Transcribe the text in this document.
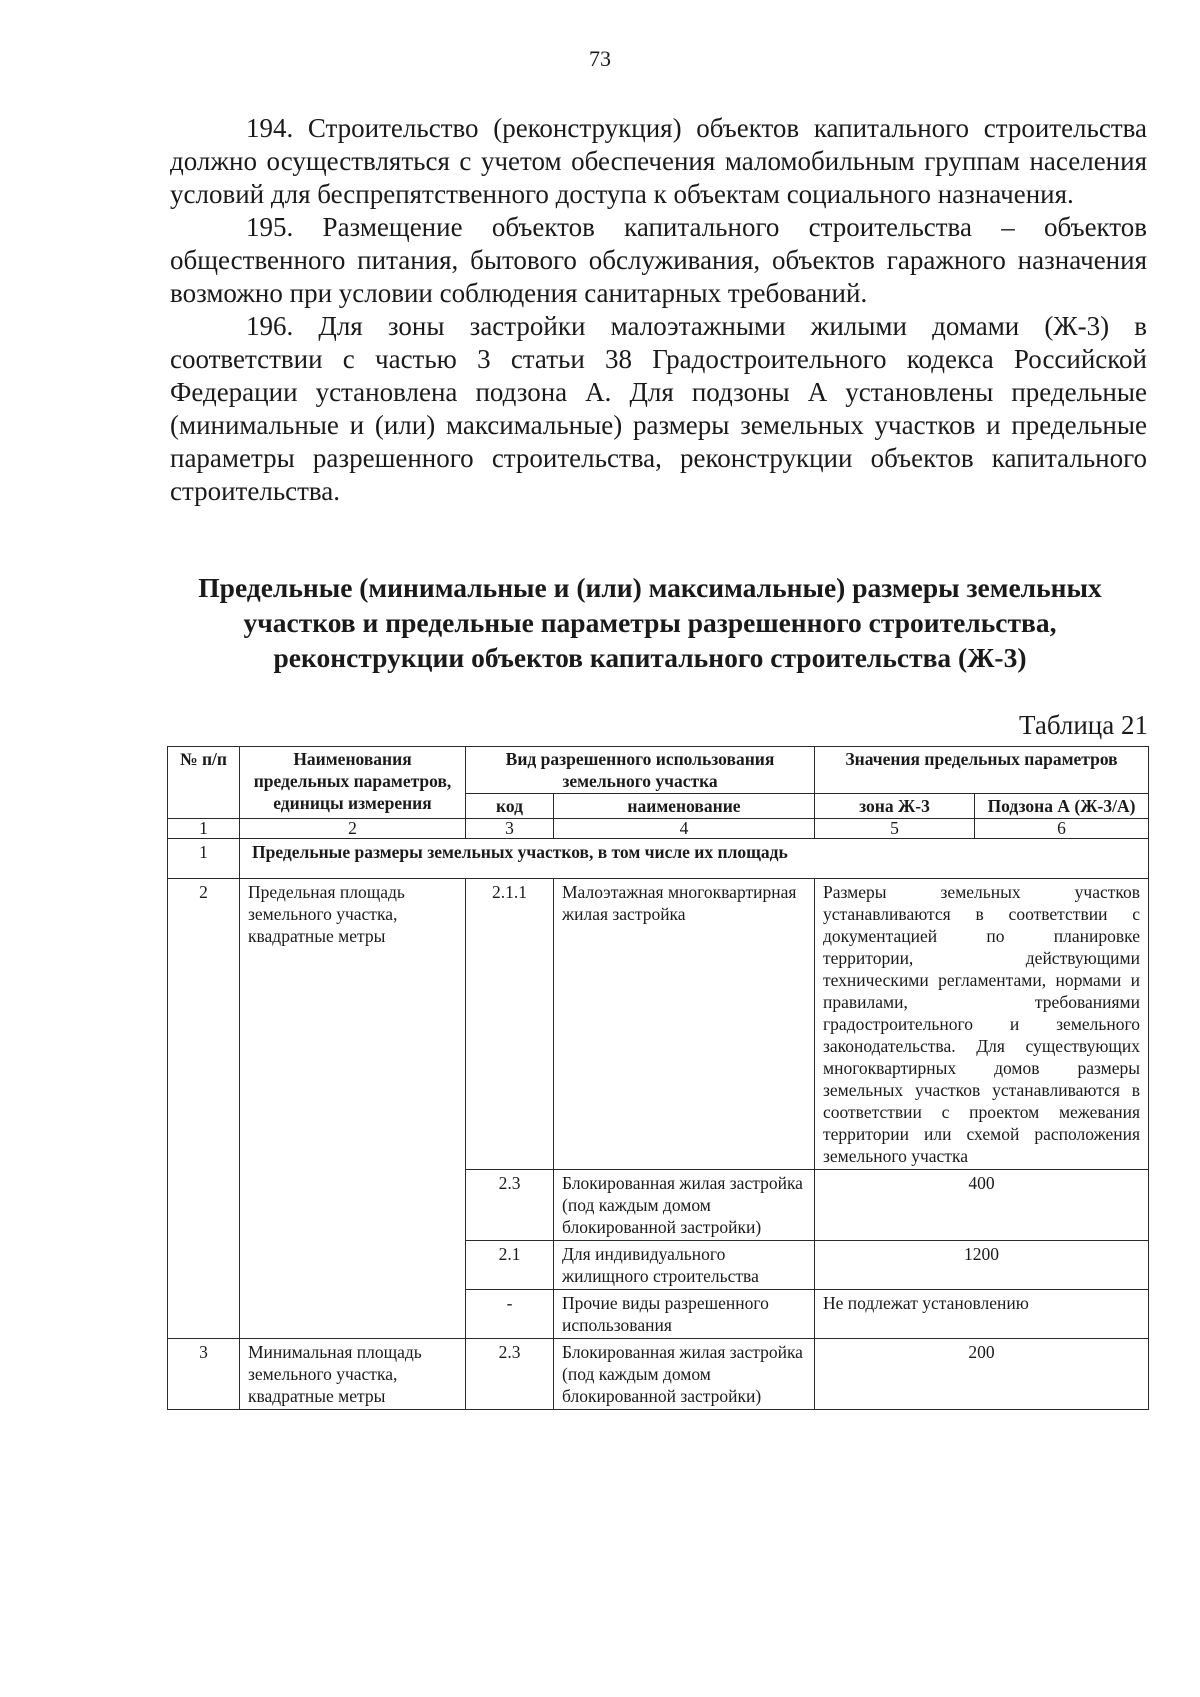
73

194. Строительство (реконструкция) объектов капитального строительства должно осуществляться с учетом обеспечения маломобильным группам населения условий для беспрепятственного доступа к объектам социального назначения.

195. Размещение объектов капитального строительства – объектов общественного питания, бытового обслуживания, объектов гаражного назначения возможно при условии соблюдения санитарных требований.

196. Для зоны застройки малоэтажными жилыми домами (Ж-3) в соответствии с частью 3 статьи 38 Градостроительного кодекса Российской Федерации установлена подзона А. Для подзоны А установлены предельные (минимальные и (или) максимальные) размеры земельных участков и предельные параметры разрешенного строительства, реконструкции объектов капитального строительства.

Предельные (минимальные и (или) максимальные) размеры земельных
участков и предельные параметры разрешенного строительства,
реконструкции объектов капитального строительства (Ж-3)
Таблица 21
№ п/п	Наименования предельных параметров, единицы измерения	Вид разрешенного использования земельного участка		Значения предельных параметров	
		код	наименование	зона Ж-3	Подзона А (Ж-3/А)
1	2	3	4	5	6
1	Предельные размеры земельных участков, в том числе их площадь				
2	Предельная площадь земельного участка, квадратные метры	2.1.1	Малоэтажная многоквартирная жилая застройка	Размеры земельных участков устанавливаются в соответствии с документацией по планировке территории, действующими техническими регламентами, нормами и правилами, требованиями градостроительного и земельного законодательства. Для существующих многоквартирных домов размеры земельных участков устанавливаются в соответствии с проектом межевания территории или схемой расположения земельного участка	
		2.3	Блокированная жилая застройка (под каждым домом блокированной застройки)	400	
		2.1	Для индивидуального жилищного строительства	1200	
		-	Прочие виды разрешенного использования	Не подлежат установлению	
3	Минимальная площадь земельного участка, квадратные метры	2.3	Блокированная жилая застройка (под каждым домом блокированной застройки)	200	
